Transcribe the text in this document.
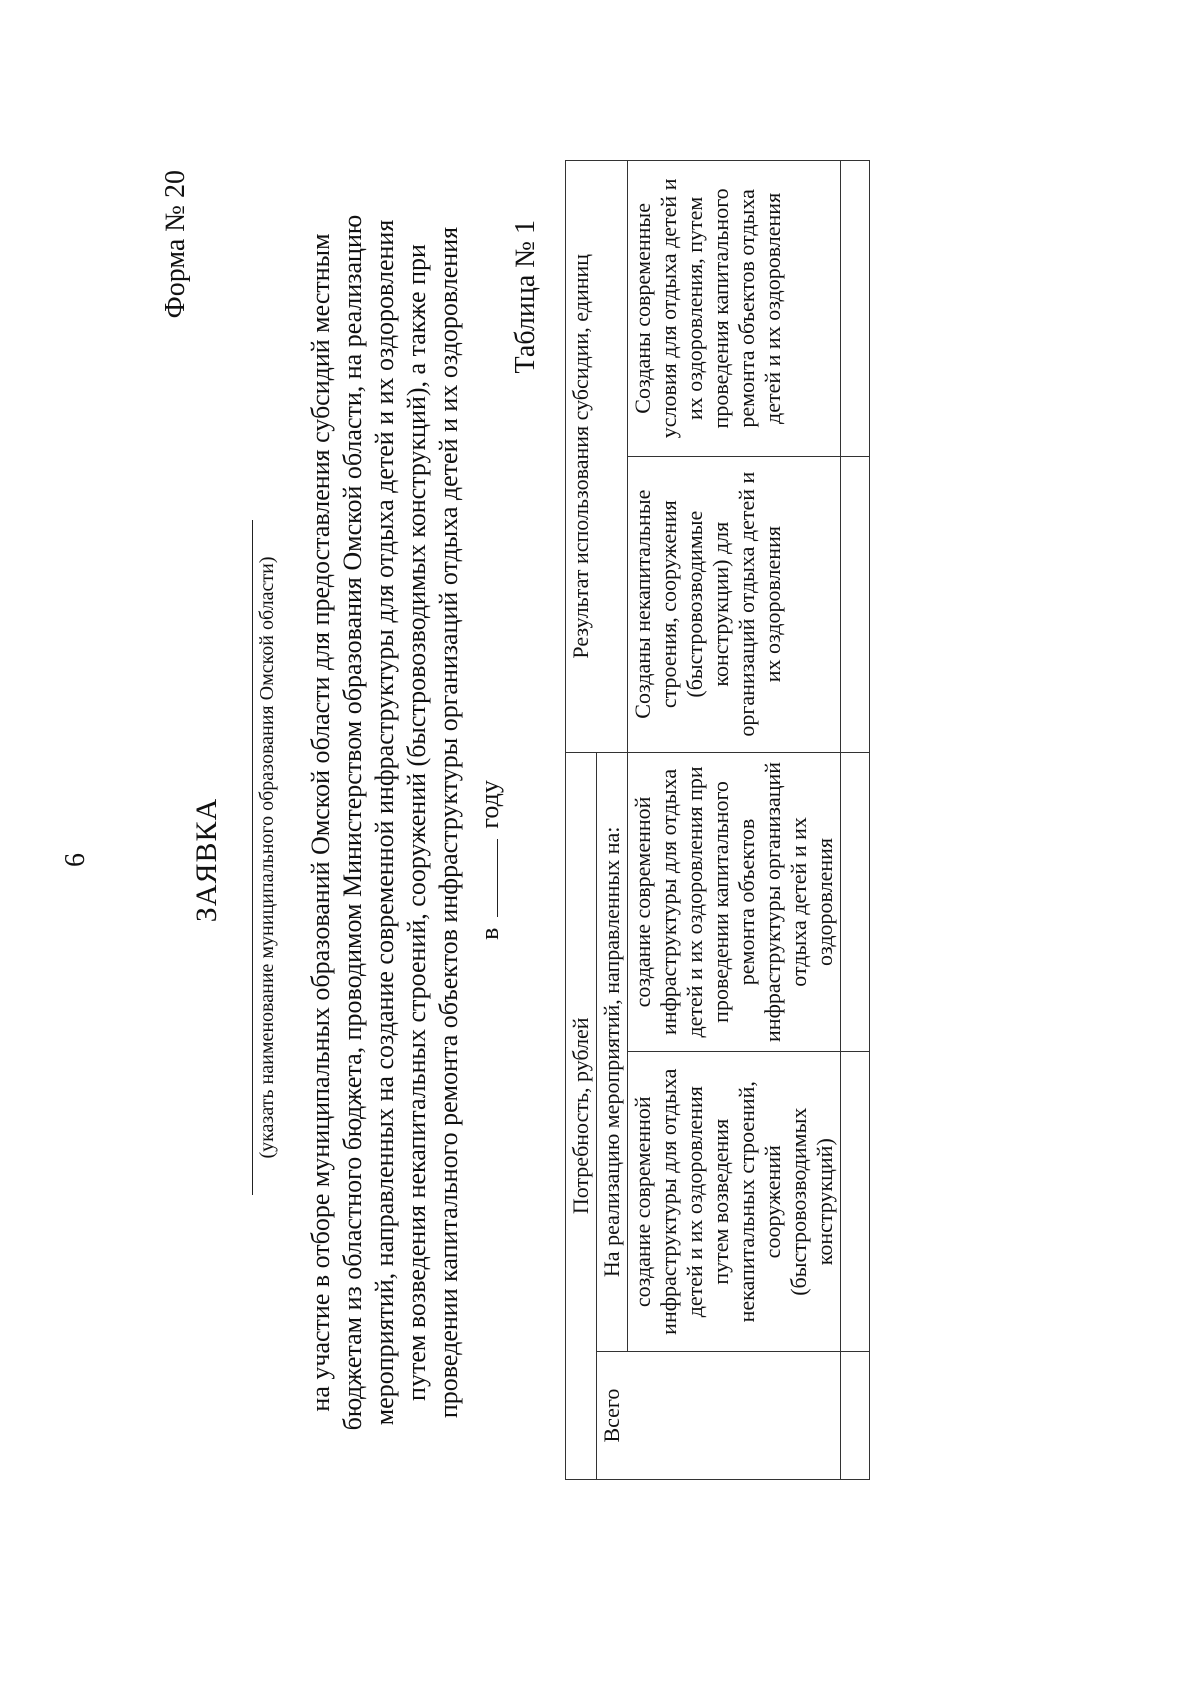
6
Форма № 20
ЗАЯВКА (указать наименование муниципального образования Омской области) на участие в отборе муниципальных образований Омской области для предоставления субсидий местным бюджетам из областного бюджета, проводимом Министерством образования Омской области, на реализацию мероприятий, направленных на создание современной инфраструктуры для отдыха детей и их оздоровления путем возведения некапитальных строений, сооружений (быстровозводимых конструкций), а также при проведении капитального ремонта объектов инфраструктуры организаций отдыха детей и их оздоровления в  году
Таблица № 1
Потребность, рублей			Результат использования субсидии, единиц	
Всего	На реализацию мероприятий, направленных на:			
	создание современной инфраструктуры для отдыха детей и их оздоровления путем возведения некапитальных строений, сооружений (быстровозводимых конструкций)	создание современной инфраструктуры для отдыха детей и их оздоровления при проведении капитального ремонта объектов инфраструктуры организаций отдыха детей и их оздоровления	Созданы некапитальные строения, сооружения (быстровозводимые конструкции) для организаций отдыха детей и их оздоровления	Созданы современные условия для отдыха детей и их оздоровления, путем проведения капитального ремонта объектов отдыха детей и их оздоровления
